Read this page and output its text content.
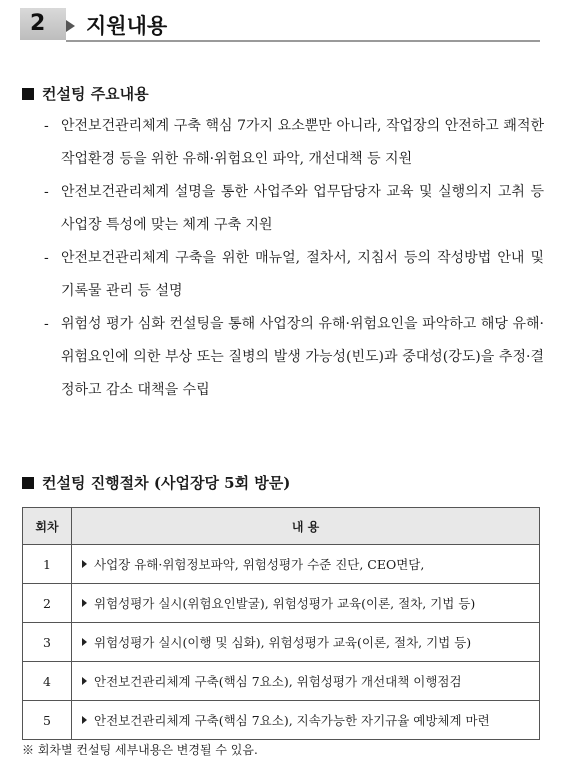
2 지원내용
컨설팅 주요내용
- 안전보건관리체계 구축 핵심 7가지 요소뿐만 아니라, 작업장의 안전하고 쾌적한 작업환경 등을 위한 유해·위험요인 파악, 개선대책 등 지원
- 안전보건관리체계 설명을 통한 사업주와 업무담당자 교육 및 실행의지 고취 등 사업장 특성에 맞는 체계 구축 지원
- 안전보건관리체계 구축을 위한 매뉴얼, 절차서, 지침서 등의 작성방법 안내 및 기록물 관리 등 설명
- 위험성 평가 심화 컨설팅을 통해 사업장의 유해·위험요인을 파악하고 해당 유해·위험요인에 의한 부상 또는 질병의 발생 가능성(빈도)과 중대성(강도)을 추정·결정하고 감소 대책을 수립
컨설팅 진행절차 (사업장당 5회 방문)
회차	내 용
1	사업장 유해·위험정보파악, 위험성평가 수준 진단, CEO면담,
2	위험성평가 실시(위험요인발굴), 위험성평가 교육(이론, 절차, 기법 등)
3	위험성평가 실시(이행 및 심화), 위험성평가 교육(이론, 절차, 기법 등)
4	안전보건관리체계 구축(핵심 7요소), 위험성평가 개선대책 이행점검
5	안전보건관리체계 구축(핵심 7요소), 지속가능한 자기규율 예방체계 마련
※ 회차별 컨설팅 세부내용은 변경될 수 있음.
